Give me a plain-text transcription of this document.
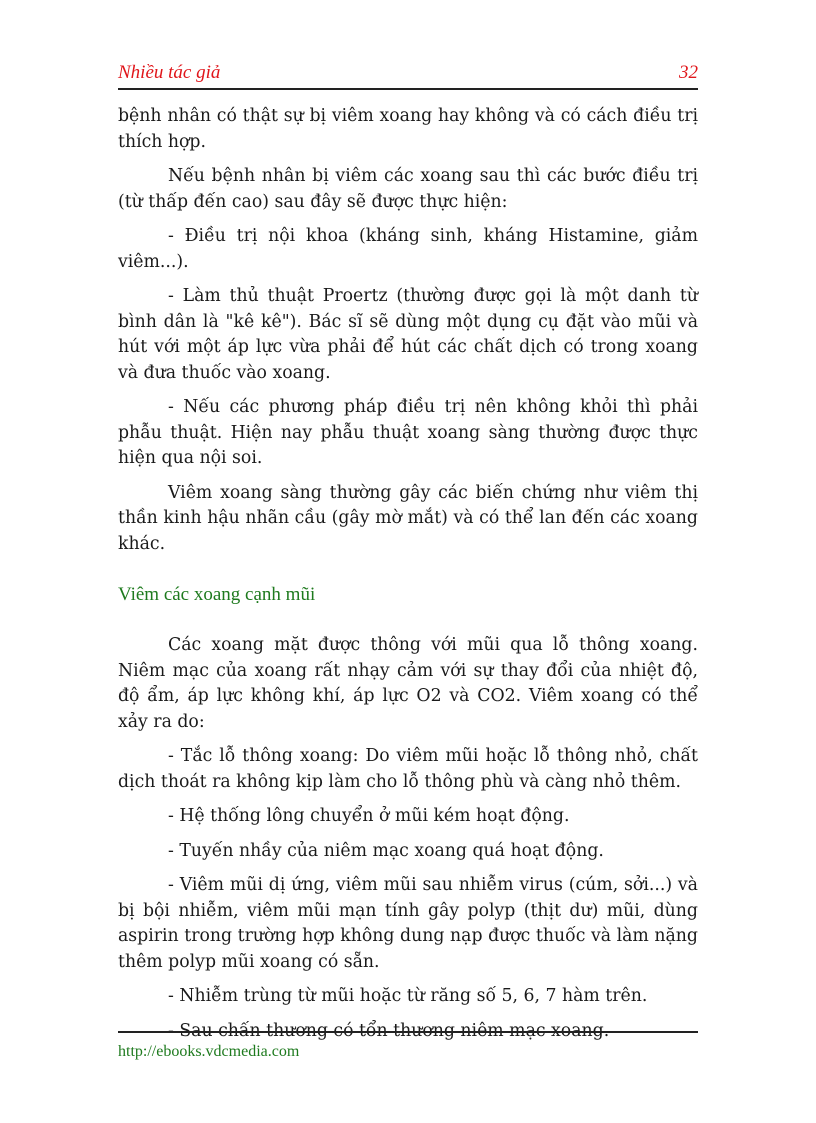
Nhiều tác giả	32

bệnh nhân có thật sự bị viêm xoang hay không và có cách điều trị thích hợp.

Nếu bệnh nhân bị viêm các xoang sau thì các bước điều trị (từ thấp đến cao) sau đây sẽ được thực hiện:

- Điều trị nội khoa (kháng sinh, kháng Histamine, giảm viêm...).

- Làm thủ thuật Proertz (thường được gọi là một danh từ bình dân là "kê kê"). Bác sĩ sẽ dùng một dụng cụ đặt vào mũi và hút với một áp lực vừa phải để hút các chất dịch có trong xoang và đưa thuốc vào xoang.

- Nếu các phương pháp điều trị nên không khỏi thì phải phẫu thuật. Hiện nay phẫu thuật xoang sàng thường được thực hiện qua nội soi.

Viêm xoang sàng thường gây các biến chứng như viêm thị thần kinh hậu nhãn cầu (gây mờ mắt) và có thể lan đến các xoang khác.

Viêm các xoang cạnh mũi

Các xoang mặt được thông với mũi qua lỗ thông xoang. Niêm mạc của xoang rất nhạy cảm với sự thay đổi của nhiệt độ, độ ẩm, áp lực không khí, áp lực O2 và CO2. Viêm xoang có thể xảy ra do:

- Tắc lỗ thông xoang: Do viêm mũi hoặc lỗ thông nhỏ, chất dịch thoát ra không kịp làm cho lỗ thông phù và càng nhỏ thêm.

- Hệ thống lông chuyển ở mũi kém hoạt động.

- Tuyến nhầy của niêm mạc xoang quá hoạt động.

- Viêm mũi dị ứng, viêm mũi sau nhiễm virus (cúm, sởi...) và bị bội nhiễm, viêm mũi mạn tính gây polyp (thịt dư) mũi, dùng aspirin trong trường hợp không dung nạp được thuốc và làm nặng thêm polyp mũi xoang có sẵn.

- Nhiễm trùng từ mũi hoặc từ răng số 5, 6, 7 hàm trên.

- Sau chấn thương có tổn thương niêm mạc xoang.

http://ebooks.vdcmedia.com
